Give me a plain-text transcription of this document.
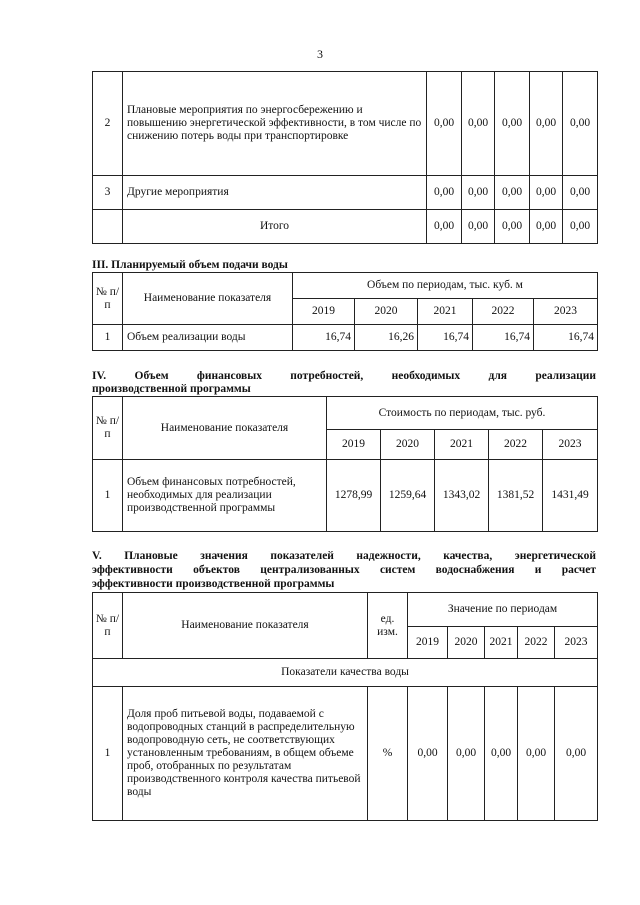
3
2	Плановые мероприятия по энергосбережению и повышению энергетической эффективности, в том числе по снижению потерь воды при транспортировке	0,00	0,00	0,00	0,00	0,00
3	Другие мероприятия	0,00	0,00	0,00	0,00	0,00
	Итого	0,00	0,00	0,00	0,00	0,00
III. Планируемый объем подачи воды
№ п/п	Наименование показателя	Объем по периодам, тыс. куб. м				
		2019	2020	2021	2022	2023
1	Объем реализации воды	16,74	16,26	16,74	16,74	16,74
IV. Объем финансовых потребностей, необходимых для реализации
производственной программы
№ п/п	Наименование показателя	Стоимость по периодам, тыс. руб.				
		2019	2020	2021	2022	2023
1	Объем финансовых потребностей, необходимых для реализации производственной программы	1278,99	1259,64	1343,02	1381,52	1431,49
V. Плановые значения показателей надежности, качества, энергетической
эффективности объектов централизованных систем водоснабжения и расчет
эффективности производственной программы
№ п/п	Наименование показателя	ед. изм.	Значение по периодам				
			2019	2020	2021	2022	2023
Показатели качества воды							
1	Доля проб питьевой воды, подаваемой с водопроводных станций в распределительную водопроводную сеть, не соответствующих установленным требованиям, в общем объеме проб, отобранных по результатам производственного контроля качества питьевой воды	%	0,00	0,00	0,00	0,00	0,00
